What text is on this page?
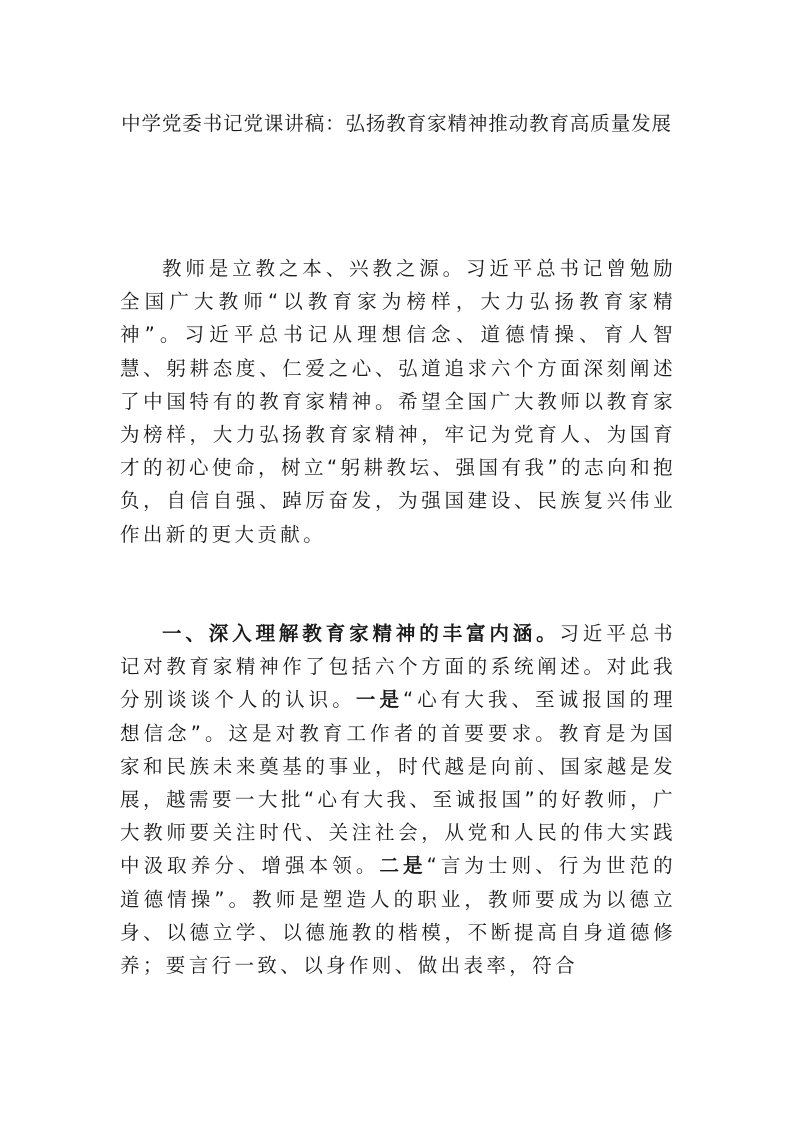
中学党委书记党课讲稿：弘扬教育家精神推动教育高质量发展

教师是立教之本、兴教之源。习近平总书记曾勉励全国广大教师“以教育家为榜样，大力弘扬教育家精神”。习近平总书记从理想信念、道德情操、育人智慧、躬耕态度、仁爱之心、弘道追求六个方面深刻阐述了中国特有的教育家精神。希望全国广大教师以教育家为榜样，大力弘扬教育家精神，牢记为党育人、为国育才的初心使命，树立“躬耕教坛、强国有我”的志向和抱负，自信自强、踔厉奋发，为强国建设、民族复兴伟业作出新的更大贡献。

一、深入理解教育家精神的丰富内涵。习近平总书记对教育家精神作了包括六个方面的系统阐述。对此我分别谈谈个人的认识。一是“心有大我、至诚报国的理想信念”。这是对教育工作者的首要要求。教育是为国家和民族未来奠基的事业，时代越是向前、国家越是发展，越需要一大批“心有大我、至诚报国”的好教师，广大教师要关注时代、关注社会，从党和人民的伟大实践中汲取养分、增强本领。二是“言为士则、行为世范的道德情操”。教师是塑造人的职业，教师要成为以德立身、以德立学、以德施教的楷模，不断提高自身道德修养；要言行一致、以身作则、做出表率，符合
